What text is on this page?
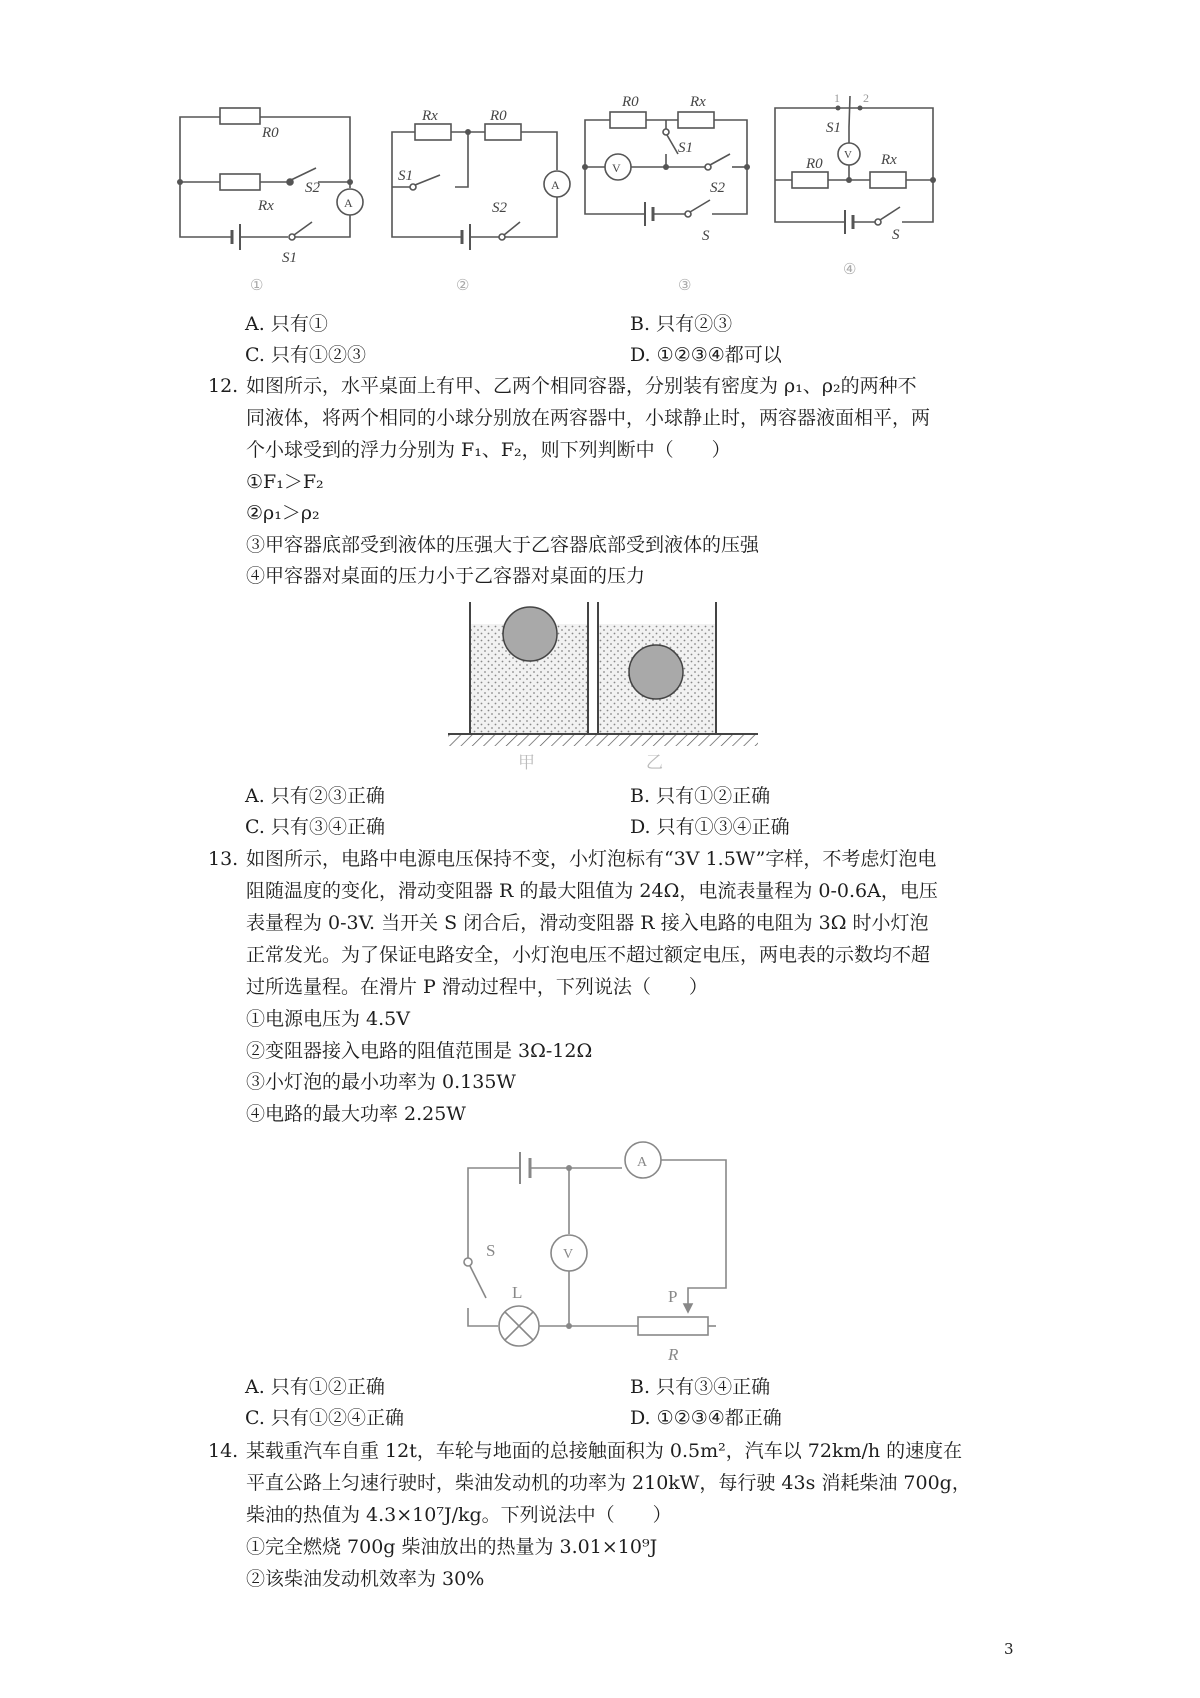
R0
Rx
S2
S1
A
①
Rx	R0
S1
S2
A
②
R0	Rx
S1
S2
S
V
③
1 2
S1
V
R0	Rx
S
④
A. 只有①	B. 只有②③
C. 只有①②③	D. ①②③④都可以
12. 如图所示，水平桌面上有甲、乙两个相同容器，分别装有密度为 ρ₁、ρ₂的两种不
同液体，将两个相同的小球分别放在两容器中，小球静止时，两容器液面相平，两
个小球受到的浮力分别为 F₁、F₂，则下列判断中（　　）
①F₁＞F₂
②ρ₁＞ρ₂
③甲容器底部受到液体的压强大于乙容器底部受到液体的压强
④甲容器对桌面的压力小于乙容器对桌面的压力
甲	乙
A. 只有②③正确	B. 只有①②正确
C. 只有③④正确	D. 只有①③④正确
13. 如图所示，电路中电源电压保持不变，小灯泡标有“3V 1.5W”字样，不考虑灯泡电
阻随温度的变化，滑动变阻器 R 的最大阻值为 24Ω，电流表量程为 0-0.6A，电压
表量程为 0-3V. 当开关 S 闭合后，滑动变阻器 R 接入电路的电阻为 3Ω 时小灯泡
正常发光。为了保证电路安全，小灯泡电压不超过额定电压，两电表的示数均不超
过所选量程。在滑片 P 滑动过程中，下列说法（　　）
①电源电压为 4.5V
②变阻器接入电路的阻值范围是 3Ω-12Ω
③小灯泡的最小功率为 0.135W
④电路的最大功率 2.25W
A
V
S
L	P
R
A. 只有①②正确	B. 只有③④正确
C. 只有①②④正确	D. ①②③④都正确
14. 某载重汽车自重 12t，车轮与地面的总接触面积为 0.5m²，汽车以 72km/h 的速度在
平直公路上匀速行驶时，柴油发动机的功率为 210kW，每行驶 43s 消耗柴油 700g，
柴油的热值为 4.3×10⁷J/kg。下列说法中（　　）
①完全燃烧 700g 柴油放出的热量为 3.01×10⁹J
②该柴油发动机效率为 30%
3
